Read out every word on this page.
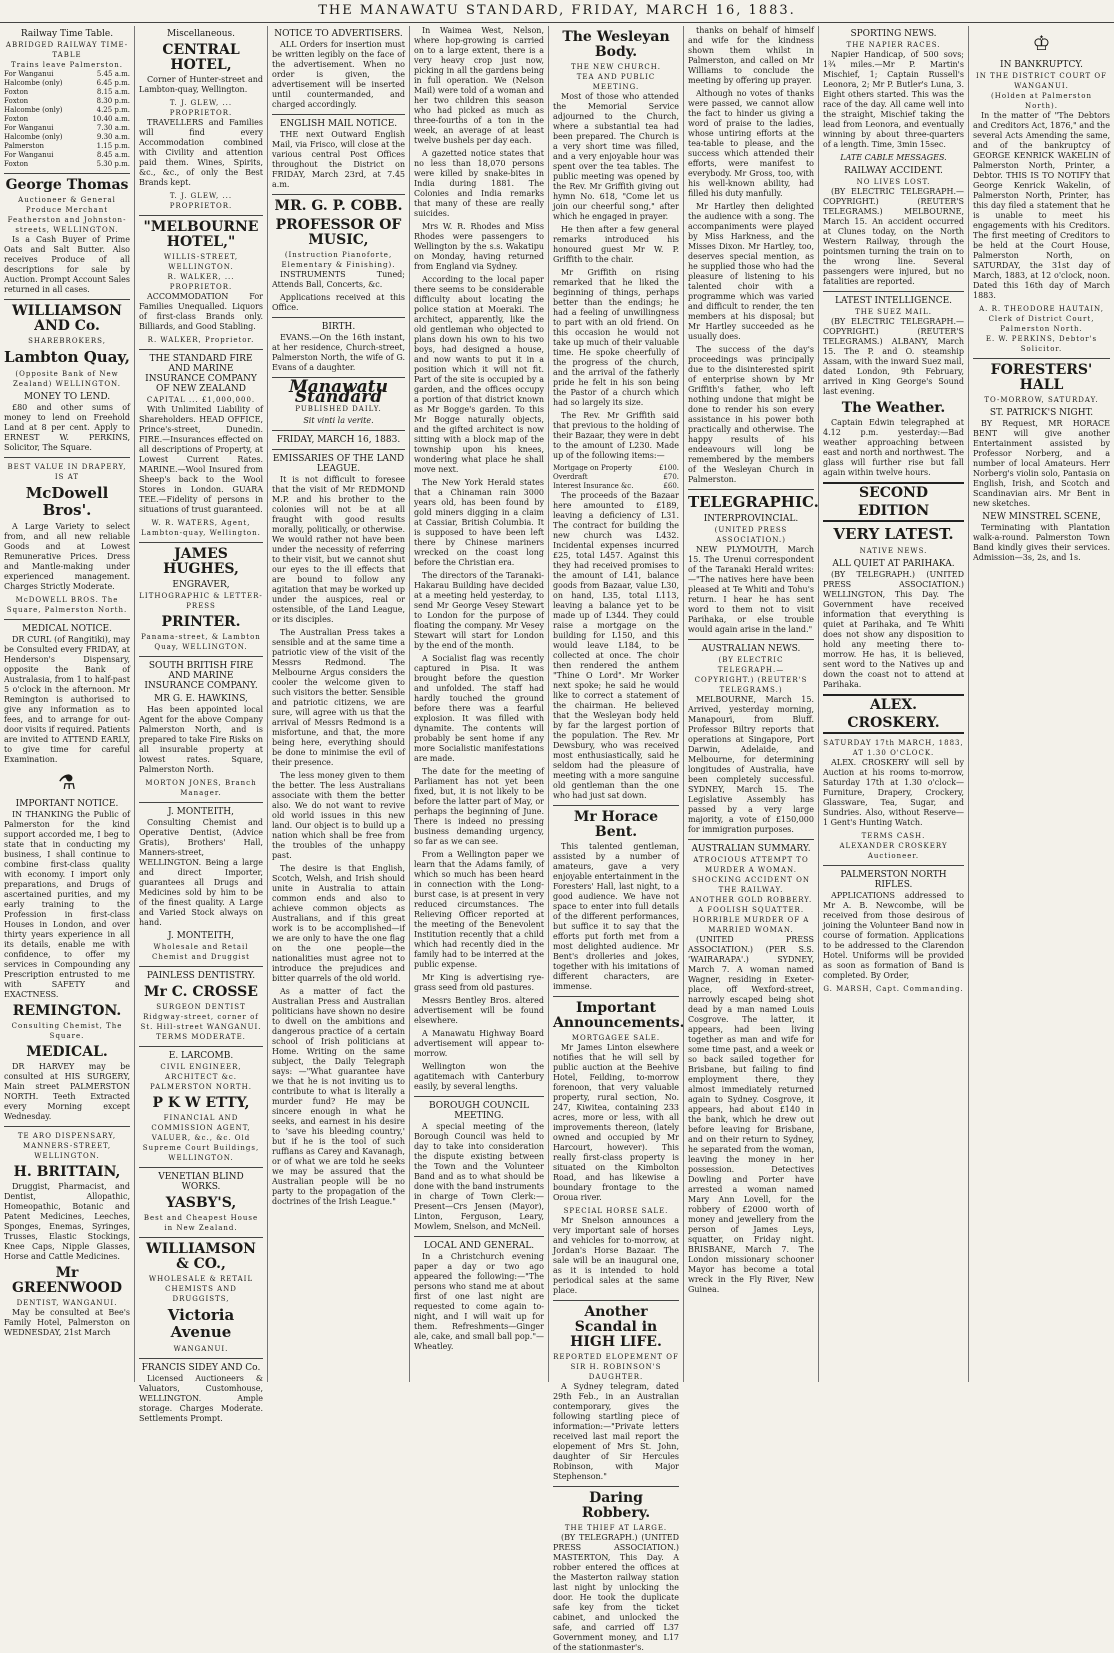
THE MANAWATU STANDARD, FRIDAY, MARCH 16, 1883.
Railway Time Table.
ABRIDGED RAILWAY TIME-TABLE
Trains leave Palmerston.
For Wanganui	5.45 a.m.
Halcombe (only)	6.45 p.m.
Foxton	8.15 a.m.
Foxton	8.30 p.m.
Halcombe (only)	4.25 p.m.
Foxton	10.40 a.m.
For Wanganui	7.30 a.m.
Halcombe (only)	9.30 a.m.
Palmerston	1.15 p.m.
For Wanganui	8.45 a.m.
Foxton	5.30 p.m.
George Thomas
Auctioneer & General Produce Merchant
Featherston and Johnston-streets, WELLINGTON.

Is a Cash Buyer of Prime Oats and Salt Butter. Also receives Produce of all descriptions for sale by Auction. Prompt Account Sales returned in all cases.

WILLIAMSON AND Co.
SHAREBROKERS,
Lambton Quay,
(Opposite Bank of New Zealand) WELLINGTON.
MONEY TO LEND.

£80 and other sums of money to lend on Freehold Land at 8 per cent. Apply to ERNEST W. PERKINS, Solicitor, The Square.

BEST VALUE IN DRAPERY, IS AT
McDowell Bros'.

A Large Variety to select from, and all new reliable Goods and at Lowest Remunerative Prices. Dress and Mantle-making under experienced management. Charges Strictly Moderate.

McDOWELL BROS. The Square, Palmerston North.
MEDICAL NOTICE.

DR CURL (of Rangitiki), may be Consulted every FRIDAY, at Henderson's Dispensary, opposite the Bank of Australasia, from 1 to half-past 5 o'clock in the afternoon. Mr Remington is authorised to give any information as to fees, and to arrange for out-door visits if required. Patients are invited to ATTEND EARLY, to give time for careful Examination.

⚗
IMPORTANT NOTICE.

IN THANKING the Public of Palmerston for the kind support accorded me, I beg to state that in conducting my business, I shall continue to combine first-class quality with economy. I import only preparations, and Drugs of ascertained purities, and my early training to the Profession in first-class Houses in London, and over thirty years experience in all its details, enable me with confidence, to offer my services in Compounding any Prescription entrusted to me with SAFETY and EXACTNESS.

REMINGTON.
Consulting Chemist, The Square.
MEDICAL.

DR HARVEY may be consulted at HIS SURGERY, Main street PALMERSTON NORTH. Teeth Extracted every Morning except Wednesday.

TE ARO DISPENSARY, MANNERS-STREET, WELLINGTON.
H. BRITTAIN,

Druggist, Pharmacist, and Dentist, Allopathic, Homeopathic, Botanic and Patent Medicines, Leeches, Sponges, Enemas, Syringes, Trusses, Elastic Stockings, Knee Caps, Nipple Glasses, Horse and Cattle Medicines.

Mr GREENWOOD
DENTIST, WANGANUI.

May be consulted at Bee's Family Hotel, Palmerston on WEDNESDAY, 21st March

Miscellaneous.
CENTRAL HOTEL,

Corner of Hunter-street and Lambton-quay, Wellington.

T. J. GLEW, ... PROPRIETOR.

TRAVELLERS and Families will find every Accommodation combined with Civility and attention paid them. Wines, Spirits, &c., &c., of only the Best Brands kept.

T. J. GLEW, ... PROPRIETOR.
"MELBOURNE HOTEL,"
WILLIS-STREET, WELLINGTON.
R. WALKER, ... PROPRIETOR.

ACCOMMODATION For Families Unequalled. Liquors of first-class Brands only. Billiards, and Good Stabling.

R. WALKER, Proprietor.
THE STANDARD FIRE AND MARINE INSURANCE COMPANY OF NEW ZEALAND
CAPITAL ... £1,000,000.

With Unlimited Liability of Shareholders. HEAD OFFICE, Prince's-street, Dunedin. FIRE.—Insurances effected on all descriptions of Property, at Lowest Current Rates. MARINE.—Wool Insured from Sheep's back to the Wool Stores in London. GUARA TEE.—Fidelity of persons in situations of trust guaranteed.

W. R. WATERS, Agent, Lambton-quay, Wellington.
JAMES HUGHES,
ENGRAVER,
LITHOGRAPHIC & LETTER-PRESS
PRINTER.
Panama-street, & Lambton Quay, WELLINGTON.
SOUTH BRITISH FIRE AND MARINE INSURANCE COMPANY.
MR G. E. HAWKINS,

Has been appointed local Agent for the above Company Palmerston North, and is prepared to take Fire Risks on all insurable property at lowest rates. Square, Palmerston North.

MORTON JONES, Branch Manager.
J. MONTEITH,

Consulting Chemist and Operative Dentist, (Advice Gratis), Brothers' Hall, Manners-street, WELLINGTON. Being a large and direct Importer, guarantees all Drugs and Medicines sold by him to be of the finest quality. A Large and Varied Stock always on hand.

J. MONTEITH,
Wholesale and Retail Chemist and Druggist
PAINLESS DENTISTRY.
Mr C. CROSSE
SURGEON DENTIST
Ridgway-street, corner of St. Hill-street WANGANUI.
TERMS MODERATE.
E. LARCOMB.
CIVIL ENGINEER, ARCHITECT &c. PALMERSTON NORTH.
P K W ETTY,
FINANCIAL AND COMMISSION AGENT, VALUER, &c., &c. Old Supreme Court Buildings, WELLINGTON.
VENETIAN BLIND WORKS.
YASBY'S,
Best and Cheapest House in New Zealand.
WILLIAMSON & CO.,
WHOLESALE & RETAIL CHEMISTS AND DRUGGISTS,
Victoria Avenue
WANGANUI.
FRANCIS SIDEY AND Co.

Licensed Auctioneers & Valuators, Customhouse, WELLINGTON. Ample storage. Charges Moderate. Settlements Prompt.

NOTICE TO ADVERTISERS.

ALL Orders for insertion must be written legibly on the face of the advertisement. When no order is given, the advertisement will be inserted until countermanded, and charged accordingly.

ENGLISH MAIL NOTICE.

THE next Outward English Mail, via Frisco, will close at the various central Post Offices throughout the District on FRIDAY, March 23rd, at 7.45 a.m.

MR. G. P. COBB.
PROFESSOR OF MUSIC,
(Instruction Pianoforte, Elementary & Finishing).

INSTRUMENTS Tuned; Attends Ball, Concerts, &c.

Applications received at this Office.

BIRTH.

EVANS.—On the 16th instant, at her residence, Church-street, Palmerston North, the wife of G. Evans of a daughter.

Manawatu Standard
PUBLISHED DAILY.
Sit vinti la verite.
FRIDAY, MARCH 16, 1883.
EMISSARIES OF THE LAND LEAGUE.

It is not difficult to foresee that the visit of Mr REDMOND M.P. and his brother to the colonies will not be at all fraught with good results morally, politically, or otherwise. We would rather not have been under the necessity of referring to their visit, but we cannot shut our eyes to the ill effects that are bound to follow any agitation that may be worked up under the auspices, real or ostensible, of the Land League, or its disciples.

The Australian Press takes a sensible and at the same time a patriotic view of the visit of the Messrs Redmond. The Melbourne Argus considers the cooler the welcome given to such visitors the better. Sensible and patriotic citizens, we are sure, will agree with us that the arrival of Messrs Redmond is a misfortune, and that, the more being here, everything should be done to minimise the evil of their presence.

The less money given to them the better. The less Australians associate with them the better also. We do not want to revive old world issues in this new land. Our object is to build up a nation which shall be free from the troubles of the unhappy past.

The desire is that English, Scotch, Welsh, and Irish should unite in Australia to attain common ends and also to achieve common objects as Australians, and if this great work is to be accomplished—if we are only to have the one flag on the one people—the nationalities must agree not to introduce the prejudices and bitter quarrels of the old world.

As a matter of fact the Australian Press and Australian politicians have shown no desire to dwell on the ambitions and dangerous practice of a certain school of Irish politicians at Home. Writing on the same subject, the Daily Telegraph says: —"What guarantee have we that he is not inviting us to contribute to what is literally a murder fund? He may be sincere enough in what he seeks, and earnest in his desire to 'save his bleeding country,' but if he is the tool of such ruffians as Carey and Kavanagh, or of what we are told he seeks we may be assured that the Australian people will be no party to the propagation of the doctrines of the Irish League."

In Waimea West, Nelson, where hop-growing is carried on to a large extent, there is a very heavy crop just now, picking in all the gardens being in full operation. We (Nelson Mail) were told of a woman and her two children this season who had picked as much as three-fourths of a ton in the week, an average of at least twelve bushels per day each.

A gazetted notice states that no less than 18,070 persons were killed by snake-bites in India during 1881. The Colonies and India remarks that many of these are really suicides.

Mrs W. R. Rhodes and Miss Rhodes were passengers to Wellington by the s.s. Wakatipu on Monday, having returned from England via Sydney.

According to the local paper there seems to be considerable difficulty about locating the police station at Moeraki. The architect, apparently, like the old gentleman who objected to plans down his own to his two boys, had designed a house, and now wants to put it in a position which it will not fit. Part of the site is occupied by a garden, and the offices occupy a portion of that district known as Mr Bogge's garden. To this Mr Bogge naturally objects, and the gifted architect is now sitting with a block map of the township upon his knees, wondering what place he shall move next.

The New York Herald states that a Chinaman rain 3000 years old, has been found by gold miners digging in a claim at Cassiar, British Columbia. It is supposed to have been left there by Chinese mariners wrecked on the coast long before the Christian era.

The directors of the Taranaki-Hakarau Building have decided at a meeting held yesterday, to send Mr George Vesey Stewart to London for the purpose of floating the company. Mr Vesey Stewart will start for London by the end of the month.

A Socialist flag was recently captured in Pisa. It was brought before the question and unfolded. The staff had hardly touched the ground before there was a fearful explosion. It was filled with dynamite. The contents will probably be sent home if any more Socialistic manifestations are made.

The date for the meeting of Parliament has not yet been fixed, but, it is not likely to be before the latter part of May, or perhaps the beginning of June. There is indeed no pressing business demanding urgency, so far as we can see.

From a Wellington paper we learn that the Adams family, of which so much has been heard in connection with the Long-burst case, is at present in very reduced circumstances. The Relieving Officer reported at the meeting of the Benevolent Institution recently that a child which had recently died in the family had to be interred at the public expense.

Mr King is advertising rye-grass seed from old pastures.

Messrs Bentley Bros. altered advertisement will be found elsewhere.

A Manawatu Highway Board advertisement will appear to-morrow.

Wellington won the agatitemach with Canterbury easily, by several lengths.

BOROUGH COUNCIL MEETING.

A special meeting of the Borough Council was held to day to take into consideration the dispute existing between the Town and the Volunteer Band and as to what should be done with the band instruments in charge of Town Clerk:— Present—Crs Jensen (Mayor), Linton, Ferguson, Leary, Mowlem, Snelson, and McNeil.

LOCAL AND GENERAL.

In a Christchurch evening paper a day or two ago appeared the following:—"The persons who stand me at about first of one last night are requested to come again to-night, and I will wait up for them. Refreshments—Ginger ale, cake, and small ball pop."—Wheatley.

The Wesleyan Body.
THE NEW CHURCH.
TEA AND PUBLIC MEETING.

Most of those who attended the Memorial Service adjourned to the Church, where a substantial tea had been prepared. The Church is a very short time was filled, and a very enjoyable hour was spent over the tea tables. The public meeting was opened by the Rev. Mr Griffith giving out hymn No. 618, "Come let us join our cheerful song," after which he engaged in prayer.

He then after a few general remarks introduced his honoured guest Mr W. P. Griffith to the chair.

Mr Griffith on rising remarked that he liked the beginning of things, perhaps better than the endings; he had a feeling of unwillingness to part with an old friend. On this occasion he would not take up much of their valuable time. He spoke cheerfully of the progress of the church, and the arrival of the fatherly pride he felt in his son being the Pastor of a church which had so largely its size.

The Rev. Mr Griffith said that previous to the holding of their Bazaar, they were in debt to the amount of L230. Made up of the following items:—

Mortgage on Property	£100.
Overdraft	£70.
Interest Insurance &c.	£60.

The proceeds of the Bazaar here amounted to £189, leaving a deficiency of L31. The contract for building the new church was L432. Incidental expenses incurred £25, total L457. Against this they had received promises to the amount of L41, balance goods from Bazaar, value L30, on hand, L35, total L113, leaving a balance yet to be made up of L344. They could raise a mortgage on the building for L150, and this would leave L184, to be collected at once. The choir then rendered the anthem "Thine O Lord". Mr Worker next spoke; he said he would like to correct a statement of the chairman. He believed that the Wesleyan body held by far the largest portion of the population. The Rev. Mr Dewsbury, who was received most enthusiastically, said he seldom had the pleasure of meeting with a more sanguine old gentleman than the one who had just sat down.

Mr Horace Bent.

This talented gentleman, assisted by a number of amateurs, gave a very enjoyable entertainment in the Foresters' Hall, last night, to a good audience. We have not space to enter into full details of the different performances, but suffice it to say that the efforts put forth met from a most delighted audience. Mr Bent's drolleries and jokes, together with his imitations of different characters, are immense.

Important Announcements.
MORTGAGEE SALE.

Mr James Linton elsewhere notifies that he will sell by public auction at the Beehive Hotel, Feilding, to-morrow forenoon, that very valuable property, rural section, No. 247, Kiwitea, containing 233 acres, more or less, with all improvements thereon, (lately owned and occupied by Mr Harcourt, however). This really first-class property is situated on the Kimbolton Road, and has likewise a boundary frontage to the Oroua river.

SPECIAL HORSE SALE.

Mr Snelson announces a very important sale of horses and vehicles for to-morrow, at Jordan's Horse Bazaar. The sale will be an inaugural one, as it is intended to hold periodical sales at the same place.

Another Scandal in HIGH LIFE.
REPORTED ELOPEMENT OF SIR H. ROBINSON'S DAUGHTER.

A Sydney telegram, dated 29th Feb., in an Australian contemporary, gives the following startling piece of information:—"Private letters received last mail report the elopement of Mrs St. John, daughter of Sir Hercules Robinson, with Major Stephenson."

Daring Robbery.
THE THIEF AT LARGE.

(BY TELEGRAPH.) (UNITED PRESS ASSOCIATION.) MASTERTON, This Day. A robber entered the offices at the Masterton railway station last night by unlocking the door. He took the duplicate safe key from the ticket cabinet, and unlocked the safe, and carried off L37 Government money, and L17 of the stationmaster's.

thanks on behalf of himself and wife for the kindness shown them whilst in Palmerston, and called on Mr Williams to conclude the meeting by offering up prayer.

Although no votes of thanks were passed, we cannot allow the fact to hinder us giving a word of praise to the ladies, whose untiring efforts at the tea-table to please, and the success which attended their efforts, were manifest to everybody. Mr Gross, too, with his well-known ability, had filled his duty manfully.

Mr Hartley then delighted the audience with a song. The accompaniments were played by Miss Harkness, and the Misses Dixon. Mr Hartley, too, deserves special mention, as he supplied those who had the pleasure of listening to his talented choir with a programme which was varied and difficult to render, the ten members at his disposal; but Mr Hartley succeeded as he usually does.

The success of the day's proceedings was principally due to the disinterested spirit of enterprise shown by Mr Griffith's father, who left nothing undone that might be done to render his son every assistance in his power both practically and otherwise. The happy results of his endeavours will long be remembered by the members of the Wesleyan Church in Palmerston.

TELEGRAPHIC.
INTERPROVINCIAL.
(UNITED PRESS ASSOCIATION.)

NEW PLYMOUTH, March 15. The Urenui correspondent of the Taranaki Herald writes:—"The natives here have been pleased at Te Whiti and Tohu's return. I hear he has sent word to them not to visit Parihaka, or else trouble would again arise in the land."

AUSTRALIAN NEWS.
(BY ELECTRIC TELEGRAPH.—COPYRIGHT.) (REUTER'S TELEGRAMS.)

MELBOURNE, March 15. Arrived, yesterday morning, Manapouri, from Bluff. Professor Biltry reports that operations at Singapore, Port Darwin, Adelaide, and Melbourne, for determining longitudes of Australia, have been completely successful. SYDNEY, March 15. The Legislative Assembly has passed by a very large majority, a vote of £150,000 for immigration purposes.

AUSTRALIAN SUMMARY.
ATROCIOUS ATTEMPT TO MURDER A WOMAN.
SHOCKING ACCIDENT ON THE RAILWAY.
ANOTHER GOLD ROBBERY.
A FOOLISH SQUATTER.
HORRIBLE MURDER OF A MARRIED WOMAN.

(UNITED PRESS ASSOCIATION.) (PER S.S. 'WAIRARAPA'.) SYDNEY, March 7. A woman named Wagner, residing in Exeter-place, off Wexford-street, narrowly escaped being shot dead by a man named Louis Cosgrove. The latter, it appears, had been living together as man and wife for some time past, and a week or so back sailed together for Brisbane, but failing to find employment there, they almost immediately returned again to Sydney. Cosgrove, it appears, had about £140 in the bank, which he drew out before leaving for Brisbane, and on their return to Sydney, he separated from the woman, leaving the money in her possession. Detectives Dowling and Porter have arrested a woman named Mary Ann Lovell, for the robbery of £2000 worth of money and jewellery from the person of James Leys, squatter, on Friday night. BRISBANE, March 7. The London missionary schooner Mayor has become a total wreck in the Fly River, New Guinea.

SPORTING NEWS.
THE NAPIER RACES.

Napier Handicap, of 500 sovs; 1¾ miles.—Mr P. Martin's Mischief, 1; Captain Russell's Leonora, 2; Mr P. Butler's Luna, 3. Eight others started. This was the race of the day. All came well into the straight, Mischief taking the lead from Leonora, and eventually winning by about three-quarters of a length. Time, 3min 15sec.

LATE CABLE MESSAGES.
RAILWAY ACCIDENT.
NO LIVES LOST.

(BY ELECTRIC TELEGRAPH.—COPYRIGHT.) (REUTER'S TELEGRAMS.) MELBOURNE, March 15. An accident occurred at Clunes today, on the North Western Railway, through the pointsmen turning the train on to the wrong line. Several passengers were injured, but no fatalities are reported.

LATEST INTELLIGENCE.
THE SUEZ MAIL.

(BY ELECTRIC TELEGRAPH.—COPYRIGHT.) (REUTER'S TELEGRAMS.) ALBANY, March 15. The P. and O. steamship Assam, with the inward Suez mail, dated London, 9th February, arrived in King George's Sound last evening.

The Weather.

Captain Edwin telegraphed at 4.12 p.m. yesterday:—Bad weather approaching between east and north and northwest. The glass will further rise but fall again within twelve hours.

SECOND EDITION
VERY LATEST.
NATIVE NEWS.
ALL QUIET AT PARIHAKA.

(BY TELEGRAPH.) (UNITED PRESS ASSOCIATION.) WELLINGTON, This Day. The Government have received information that everything is quiet at Parihaka, and Te Whiti does not show any disposition to hold any meeting there to-morrow. He has, it is believed, sent word to the Natives up and down the coast not to attend at Parihaka.

ALEX. CROSKERY.
SATURDAY 17th MARCH, 1883,
AT 1.30 O'CLOCK.

ALEX. CROSKERY will sell by Auction at his rooms to-morrow, Saturday 17th at 1.30 o'clock—Furniture, Drapery, Crockery, Glassware, Tea, Sugar, and Sundries. Also, without Reserve—1 Gent's Hunting Watch.

TERMS CASH.
ALEXANDER CROSKERY Auctioneer.
PALMERSTON NORTH RIFLES.

APPLICATIONS addressed to Mr A. B. Newcombe, will be received from those desirous of joining the Volunteer Band now in course of formation. Applications to be addressed to the Clarendon Hotel. Uniforms will be provided as soon as formation of Band is completed. By Order,

G. MARSH, Capt. Commanding.
♔
IN BANKRUPTCY.
IN THE DISTRICT COURT OF WANGANUI.
(Holden at Palmerston North).

In the matter of "The Debtors and Creditors Act, 1876," and the several Acts Amending the same, and of the bankruptcy of GEORGE KENRICK WAKELIN of Palmerston North, Printer, a Debtor. THIS IS TO NOTIFY that George Kenrick Wakelin, of Palmerston North, Printer, has this day filed a statement that he is unable to meet his engagements with his Creditors. The first meeting of Creditors to be held at the Court House, Palmerston North, on SATURDAY, the 31st day of March, 1883, at 12 o'clock, noon. Dated this 16th day of March 1883.

A. R. THEODORE HAUTAIN, Clerk of District Court, Palmerston North.
E. W. PERKINS, Debtor's Solicitor.
FORESTERS' HALL
TO-MORROW, SATURDAY.
ST. PATRICK'S NIGHT.

BY Request, MR HORACE BENT will give another Entertainment assisted by Professor Norberg, and a number of local Amateurs. Herr Norberg's violin solo, Pantasia on English, Irish, and Scotch and Scandinavian airs. Mr Bent in new sketches.

NEW MINSTREL SCENE,

Terminating with Plantation walk-a-round. Palmerston Town Band kindly gives their services. Admission—3s, 2s, and 1s.
